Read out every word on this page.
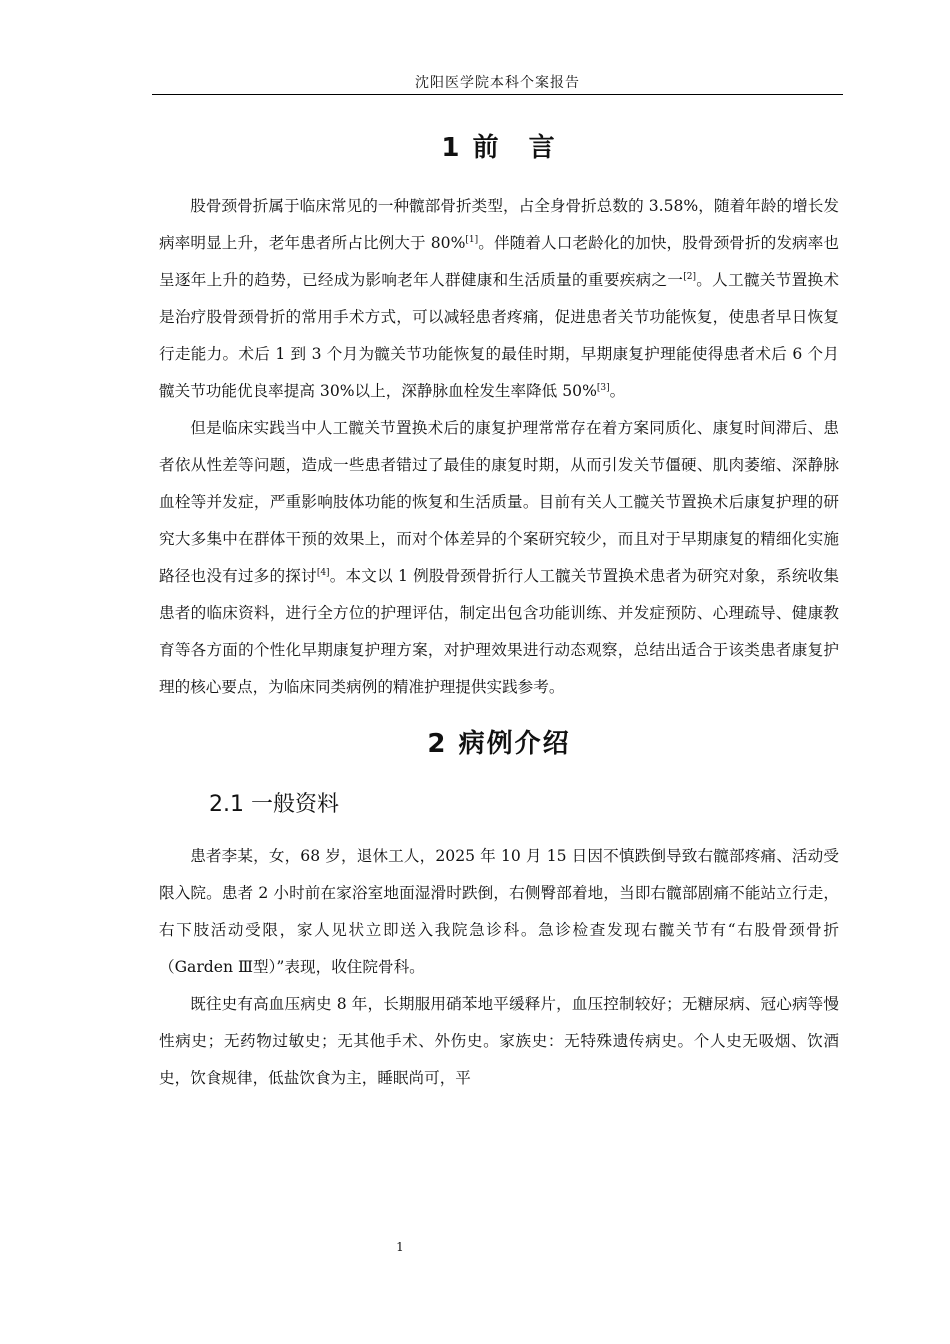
沈阳医学院本科个案报告
1 前　言

股骨颈骨折属于临床常见的一种髋部骨折类型，占全身骨折总数的 3.58%，随着年龄的增长发病率明显上升，老年患者所占比例大于 80%[1]。伴随着人口老龄化的加快，股骨颈骨折的发病率也呈逐年上升的趋势，已经成为影响老年人群健康和生活质量的重要疾病之一[2]。人工髋关节置换术是治疗股骨颈骨折的常用手术方式，可以减轻患者疼痛，促进患者关节功能恢复，使患者早日恢复行走能力。术后 1 到 3 个月为髋关节功能恢复的最佳时期，早期康复护理能使得患者术后 6 个月髋关节功能优良率提高 30%以上，深静脉血栓发生率降低 50%[3]。

但是临床实践当中人工髋关节置换术后的康复护理常常存在着方案同质化、康复时间滞后、患者依从性差等问题，造成一些患者错过了最佳的康复时期，从而引发关节僵硬、肌肉萎缩、深静脉血栓等并发症，严重影响肢体功能的恢复和生活质量。目前有关人工髋关节置换术后康复护理的研究大多集中在群体干预的效果上，而对个体差异的个案研究较少，而且对于早期康复的精细化实施路径也没有过多的探讨[4]。本文以 1 例股骨颈骨折行人工髋关节置换术患者为研究对象，系统收集患者的临床资料，进行全方位的护理评估，制定出包含功能训练、并发症预防、心理疏导、健康教育等各方面的个性化早期康复护理方案，对护理效果进行动态观察，总结出适合于该类患者康复护理的核心要点，为临床同类病例的精准护理提供实践参考。

2 病例介绍
2.1 一般资料

患者李某，女，68 岁，退休工人，2025 年 10 月 15 日因不慎跌倒导致右髋部疼痛、活动受限入院。患者 2 小时前在家浴室地面湿滑时跌倒，右侧臀部着地，当即右髋部剧痛不能站立行走，右下肢活动受限，家人见状立即送入我院急诊科。急诊检查发现右髋关节有“右股骨颈骨折（Garden Ⅲ型）”表现，收住院骨科。

既往史有高血压病史 8 年，长期服用硝苯地平缓释片，血压控制较好；无糖尿病、冠心病等慢性病史；无药物过敏史；无其他手术、外伤史。家族史：无特殊遗传病史。个人史无吸烟、饮酒史，饮食规律，低盐饮食为主，睡眠尚可，平

1
